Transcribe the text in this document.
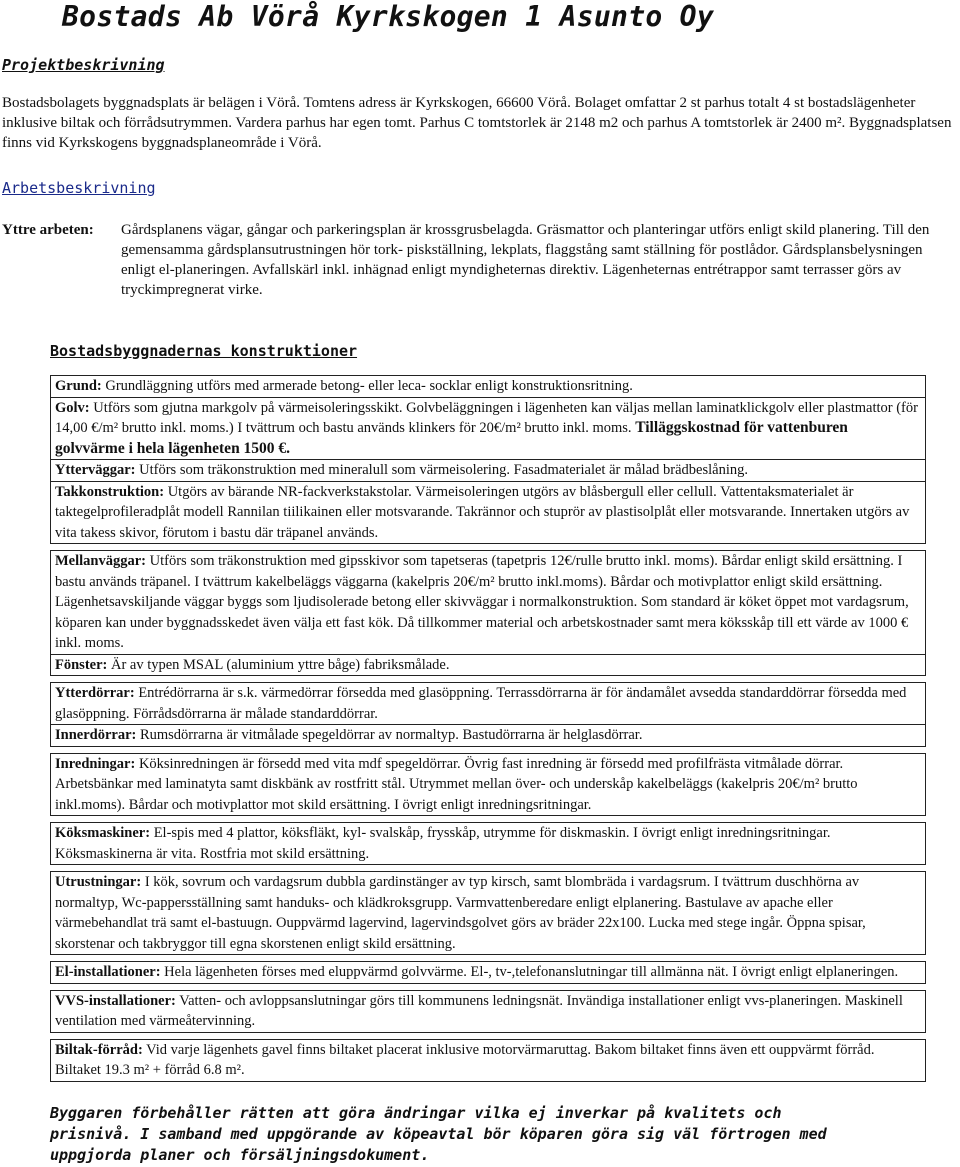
Bostads Ab Vörå Kyrkskogen 1 Asunto Oy
Projektbeskrivning
Bostadsbolagets byggnadsplats är belägen i Vörå. Tomtens adress är Kyrkskogen, 66600 Vörå. Bolaget omfattar 2 st parhus totalt 4 st bostadslägenheter inklusive biltak och förrådsutrymmen. Vardera parhus har egen tomt. Parhus C tomtstorlek är 2148 m2 och parhus A tomtstorlek är 2400 m². Byggnadsplatsen finns vid Kyrkskogens byggnadsplaneområde i Vörå.
Arbetsbeskrivning
Yttre arbeten: Gårdsplanens vägar, gångar och parkeringsplan är krossgrusbelagda. Gräsmattor och planteringar utförs enligt skild planering. Till den gemensamma gårdsplansutrustningen hör tork- piskställning, lekplats, flaggstång samt ställning för postlådor. Gårdsplansbelysningen enligt el-planeringen. Avfallskärl inkl. inhägnad enligt myndigheternas direktiv. Lägenheternas entrétrappor samt terrasser görs av tryckimpregnerat virke.
Bostadsbyggnadernas konstruktioner
Grund: Grundläggning utförs med armerade betong- eller leca- socklar enligt konstruktionsritning.
Golv: Utförs som gjutna markgolv på värmeisoleringsskikt. Golvbeläggningen i lägenheten kan väljas mellan laminatklickgolv eller plastmattor (för 14,00 €/m² brutto inkl. moms.) I tvättrum och bastu används klinkers för 20€/m² brutto inkl. moms. Tilläggskostnad för vattenburen golvvärme i hela lägenheten 1500 €.
Ytterväggar: Utförs som träkonstruktion med mineralull som värmeisolering. Fasadmaterialet är målad brädbeslåning.
Takkonstruktion: Utgörs av bärande NR-fackverkstakstolar. Värmeisoleringen utgörs av blåsbergull eller cellull. Vattentaksmaterialet är taktegelprofileradplåt modell Rannilan tiilikainen eller motsvarande. Takrännor och stuprör av plastisolplåt eller motsvarande. Innertaken utgörs av vita takess skivor, förutom i bastu där träpanel används.
Mellanväggar: Utförs som träkonstruktion med gipsskivor som tapetseras (tapetpris 12€/rulle brutto inkl. moms). Bårdar enligt skild ersättning. I bastu används träpanel. I tvättrum kakelbeläggs väggarna (kakelpris 20€/m² brutto inkl.moms). Bårdar och motivplattor enligt skild ersättning. Lägenhetsavskiljande väggar byggs som ljudisolerade betong eller skivväggar i normalkonstruktion. Som standard är köket öppet mot vardagsrum, köparen kan under byggnadsskedet även välja ett fast kök. Då tillkommer material och arbetskostnader samt mera köksskåp till ett värde av 1000 € inkl. moms.
Fönster: Är av typen MSAL (aluminium yttre båge) fabriksmålade.
Ytterdörrar: Entrédörrarna är s.k. värmedörrar försedda med glasöppning. Terrassdörrarna är för ändamålet avsedda standarddörrar försedda med glasöppning. Förrådsdörrarna är målade standarddörrar.
Innerdörrar: Rumsdörrarna är vitmålade spegeldörrar av normaltyp. Bastudörrarna är helglasdörrar.
Inredningar: Köksinredningen är försedd med vita mdf spegeldörrar. Övrig fast inredning är försedd med profilfrästa vitmålade dörrar. Arbetsbänkar med laminatyta samt diskbänk av rostfritt stål. Utrymmet mellan över- och underskåp kakelbeläggs (kakelpris 20€/m² brutto inkl.moms). Bårdar och motivplattor mot skild ersättning. I övrigt enligt inredningsritningar.
Köksmaskiner: El-spis med 4 plattor, köksfläkt, kyl- svalskåp, frysskåp, utrymme för diskmaskin. I övrigt enligt inredningsritningar. Köksmaskinerna är vita. Rostfria mot skild ersättning.
Utrustningar: I kök, sovrum och vardagsrum dubbla gardinstänger av typ kirsch, samt blombräda i vardagsrum. I tvättrum duschhörna av normaltyp, Wc-pappersställning samt handuks- och klädkroksgrupp. Varmvattenberedare enligt elplanering. Bastulave av apache eller värmebehandlat trä samt el-bastuugn. Ouppvärmd lagervind, lagervindsgolvet görs av bräder 22x100. Lucka med stege ingår. Öppna spisar, skorstenar och takbryggor till egna skorstenen enligt skild ersättning.
El-installationer: Hela lägenheten förses med eluppvärmd golvvärme. El-, tv-,telefonanslutningar till allmänna nät. I övrigt enligt elplaneringen.
VVS-installationer: Vatten- och avloppsanslutningar görs till kommunens ledningsnät. Invändiga installationer enligt vvs-planeringen. Maskinell ventilation med värmeåtervinning.
Biltak-förråd: Vid varje lägenhets gavel finns biltaket placerat inklusive motorvärmaruttag. Bakom biltaket finns även ett ouppvärmt förråd. Biltaket 19.3 m² + förråd 6.8 m².
Byggaren förbehåller rätten att göra ändringar vilka ej inverkar på kvalitets och prisnivå. I samband med uppgörande av köpeavtal bör köparen göra sig väl förtrogen med uppgjorda planer och försäljningsdokument.
